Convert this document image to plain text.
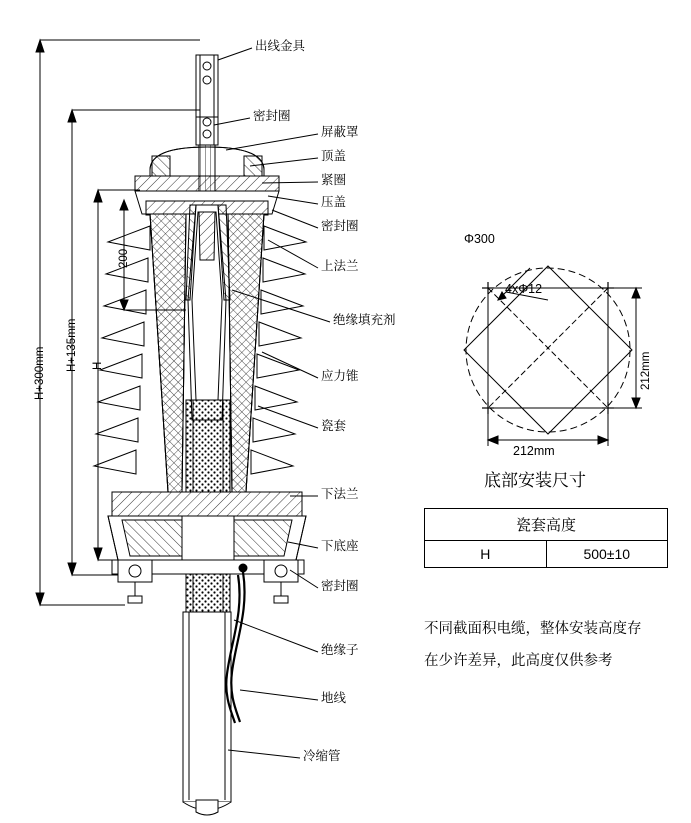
出线金具
密封圈
屏蔽罩
顶盖
紧圈
压盖
密封圈
上法兰
绝缘填充剂
应力锥
瓷套
下法兰
下底座
密封圈
绝缘子
地线
冷缩管
H+300mm
H+135mm H
200
Φ300
4xΦ12
212mm
212mm
底部安装尺寸
瓷套高度
H	500±10
不同截面积电缆，整体安装高度存
在少许差异，此高度仅供参考
